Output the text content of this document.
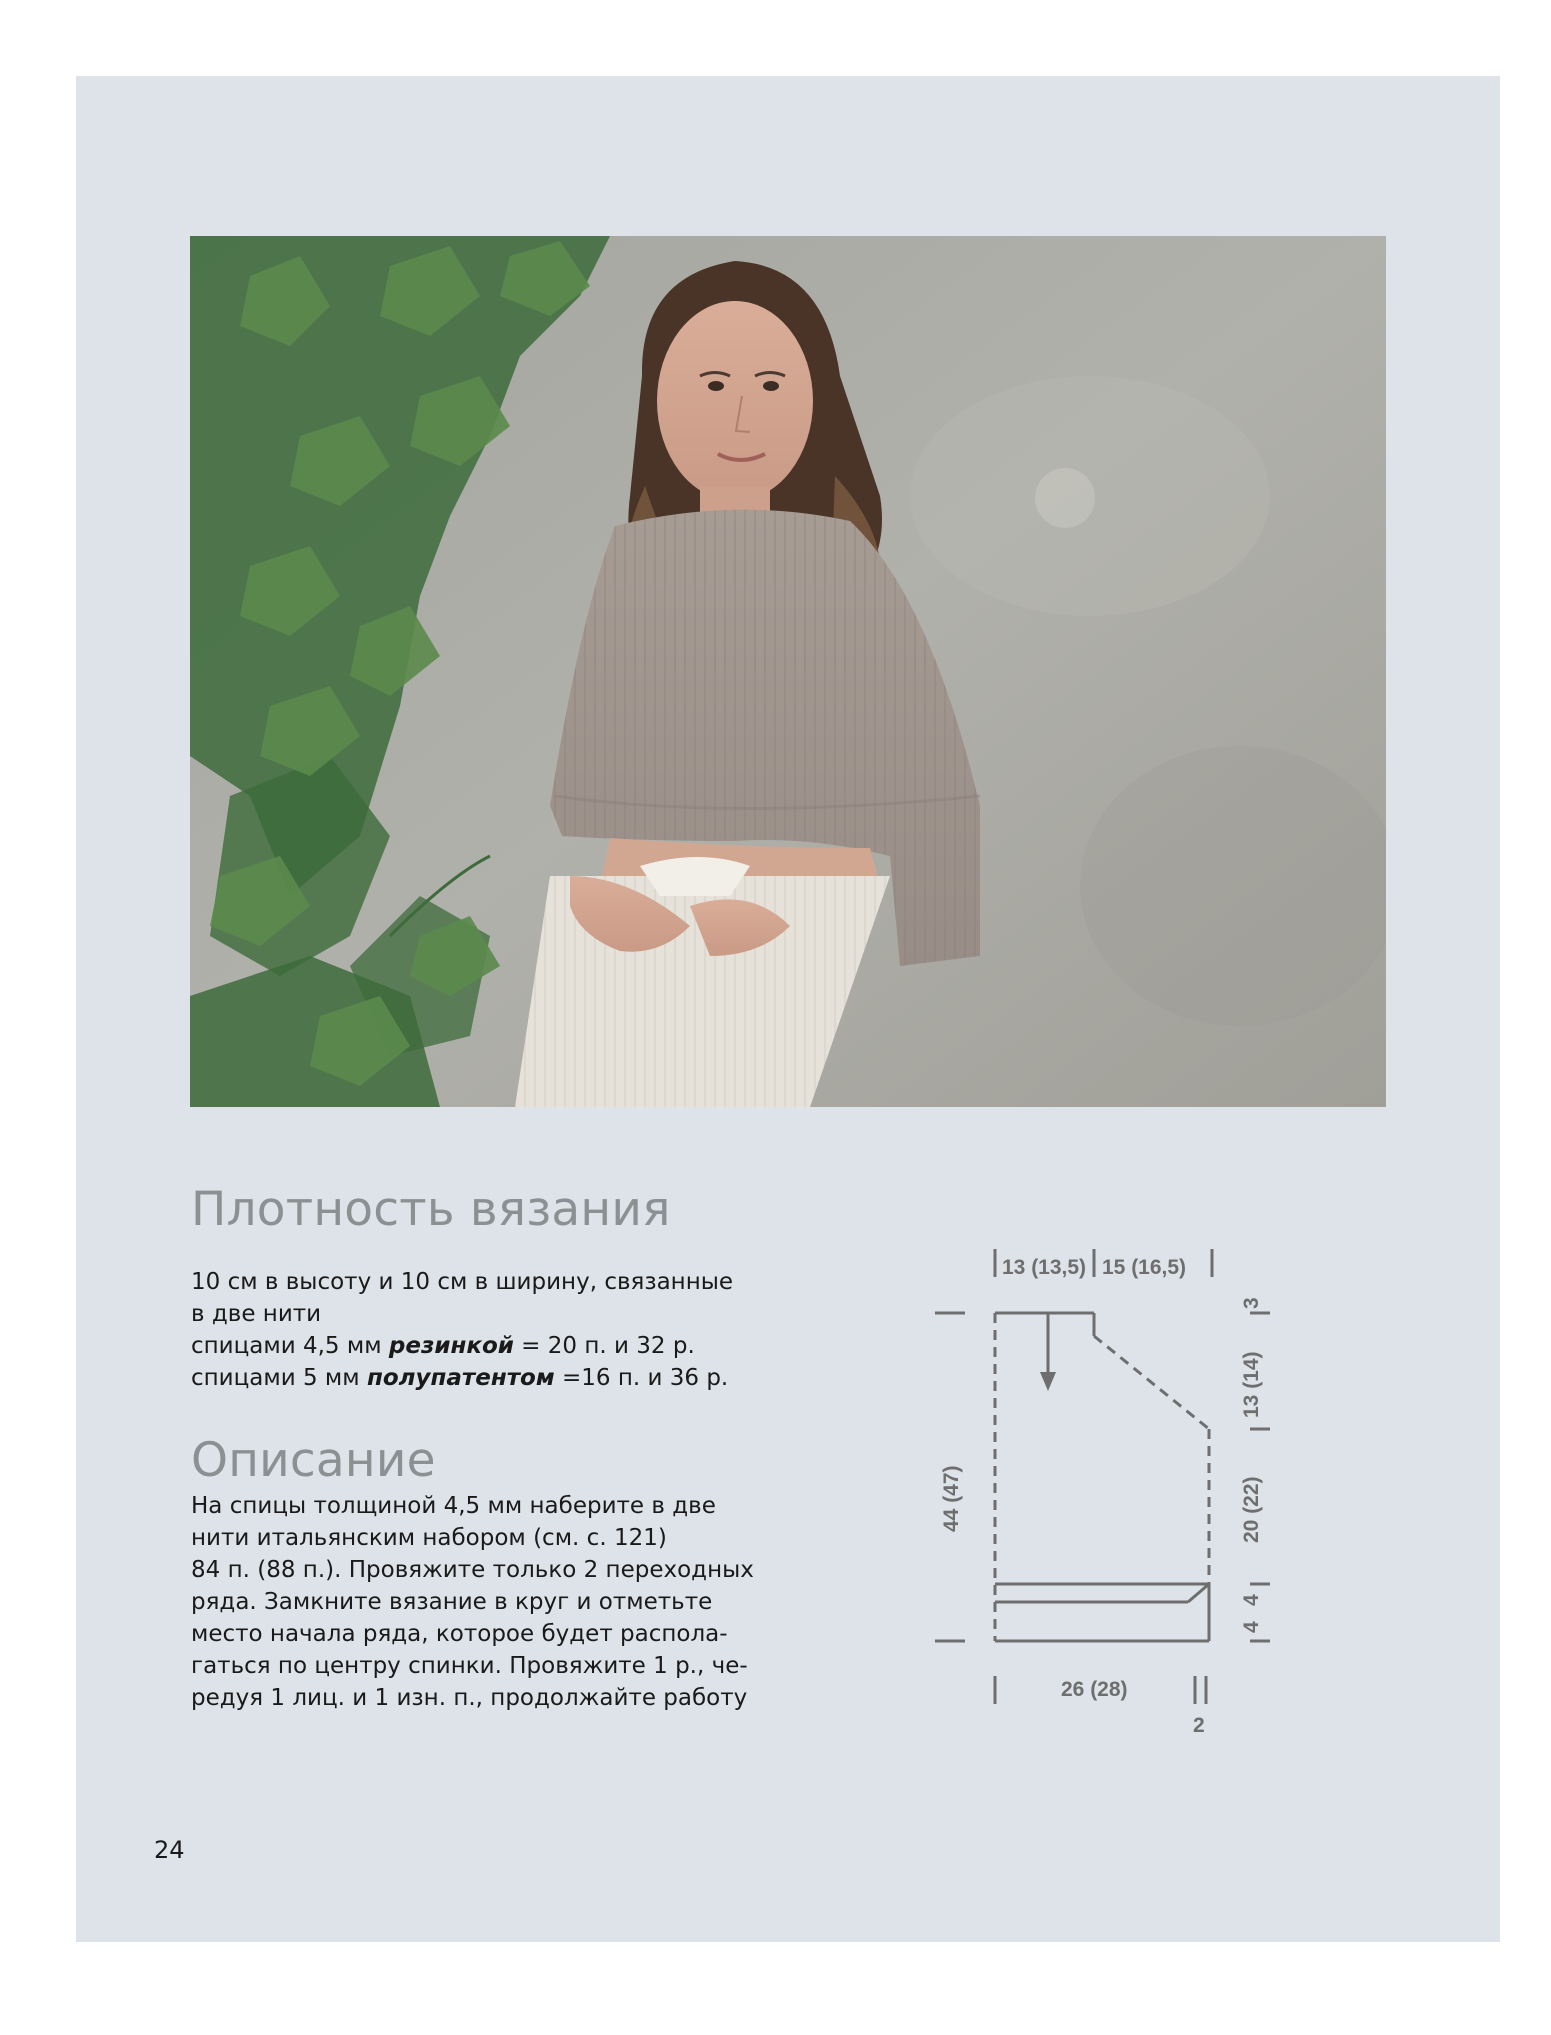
Плотность вязания
10 см в высоту и 10 см в ширину, связанные
в две нити
спицами 4,5 мм резинкой = 20 п. и 32 р.
спицами 5 мм полупатентом =16 п. и 36 р.
Описание
На спицы толщиной 4,5 мм наберите в две
нити итальянским набором (см. с. 121)
84 п. (88 п.). Провяжите только 2 переходных
ряда. Замкните вязание в круг и отметьте
место начала ряда, которое будет распола-
гаться по центру спинки. Провяжите 1 р., че-
редуя 1 лиц. и 1 изн. п., продолжайте работу
13 (13,5) 15 (16,5)
44 (47)
13 (14)
3
20 (22)
4
4
26 (28)
2
24
